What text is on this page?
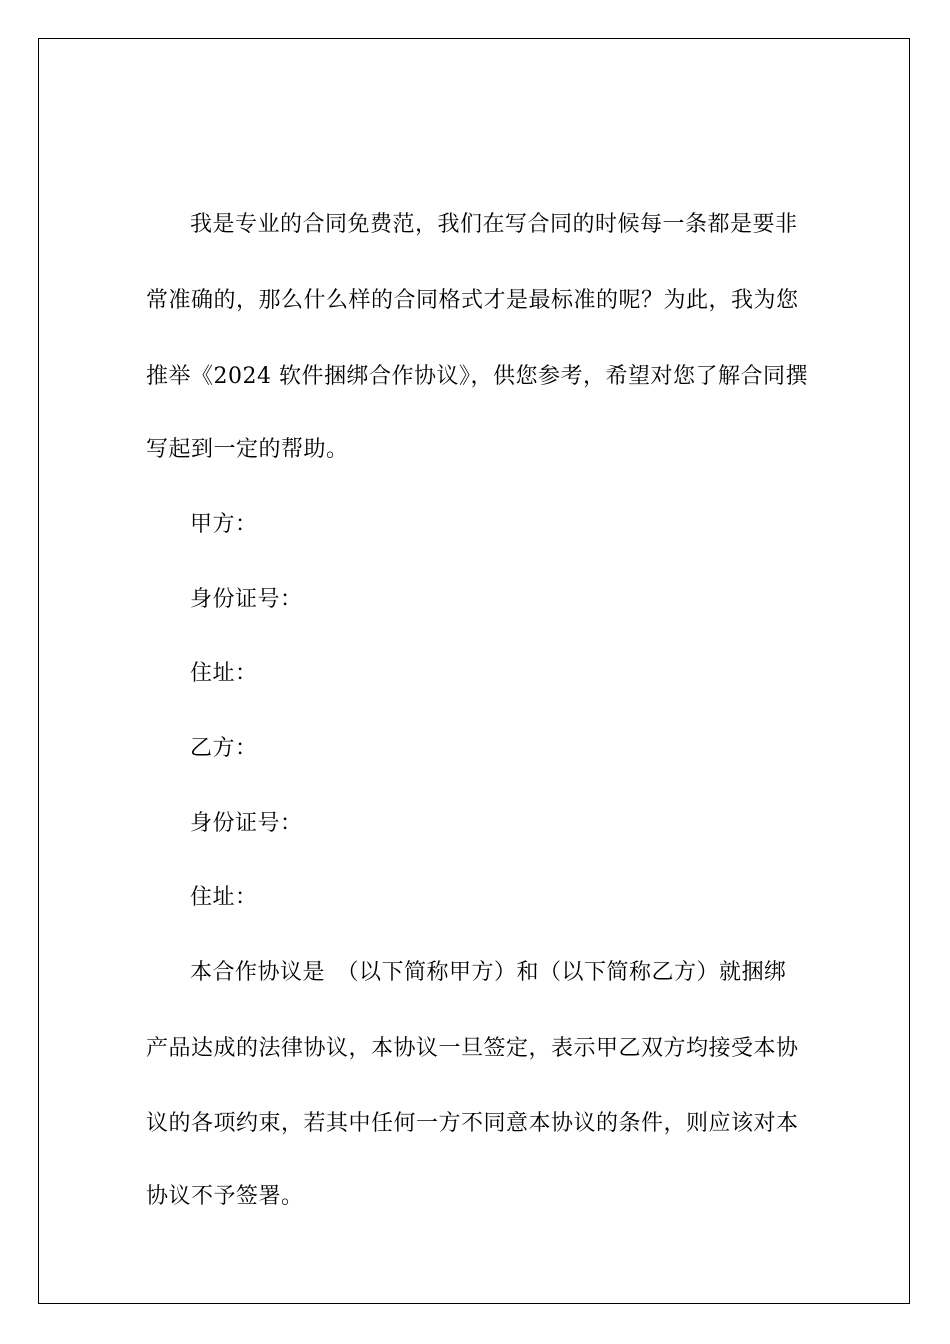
我是专业的合同免费范，我们在写合同的时候每一条都是要非
常准确的，那么什么样的合同格式才是最标准的呢？为此，我为您
推举《2024 软件捆绑合作协议》，供您参考，希望对您了解合同撰
写起到一定的帮助。
甲方：
身份证号：
住址：
乙方：
身份证号：
住址：
本合作协议是　（以下简称甲方）和（以下简称乙方）就捆绑
产品达成的法律协议，本协议一旦签定，表示甲乙双方均接受本协
议的各项约束，若其中任何一方不同意本协议的条件，则应该对本
协议不予签署。
